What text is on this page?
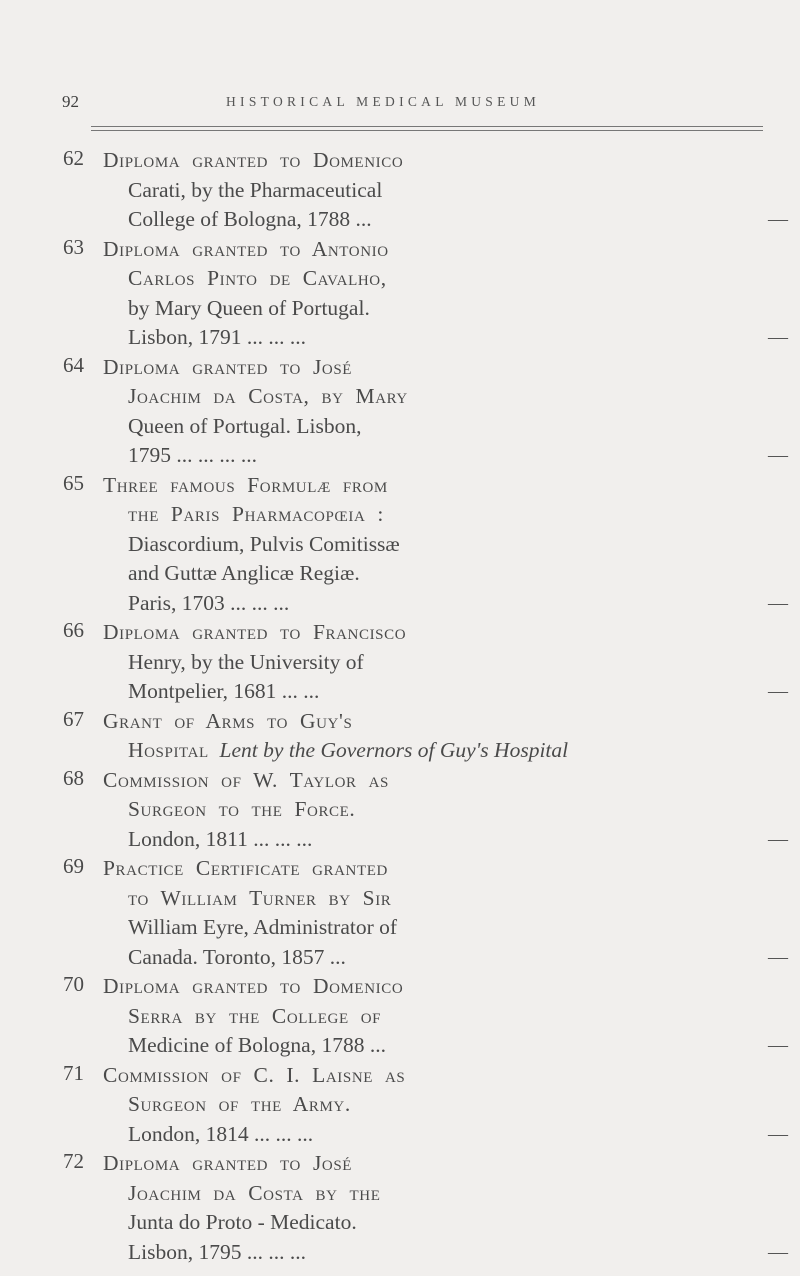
92	HISTORICAL MEDICAL MUSEUM
62 Diploma granted to Domenico
Carati, by the Pharmaceutical
College of Bologna, 1788 ...	—
63 Diploma granted to Antonio
Carlos Pinto de Cavalho,
by Mary Queen of Portugal.
Lisbon, 1791 ... ... ...	—
64 Diploma granted to José
Joachim da Costa, by Mary
Queen of Portugal. Lisbon,
1795 ... ... ... ...	—
65 Three famous Formulæ from
the Paris Pharmacopœia :
Diascordium, Pulvis Comitissæ
and Guttæ Anglicæ Regiæ.
Paris, 1703 ... ... ...	—
66 Diploma granted to Francisco
Henry, by the University of
Montpelier, 1681 ... ...	—
67 Grant of Arms to Guy's
Hospital Lent by the Governors of Guy's Hospital
68 Commission of W. Taylor as
Surgeon to the Force.
London, 1811 ... ... ...	—
69 Practice Certificate granted
to William Turner by Sir
William Eyre, Administrator of
Canada. Toronto, 1857 ...	—
70 Diploma granted to Domenico
Serra by the College of
Medicine of Bologna, 1788 ...	—
71 Commission of C. I. Laisne as
Surgeon of the Army.
London, 1814 ... ... ...	—
72 Diploma granted to José
Joachim da Costa by the
Junta do Proto - Medicato.
Lisbon, 1795 ... ... ...	—
